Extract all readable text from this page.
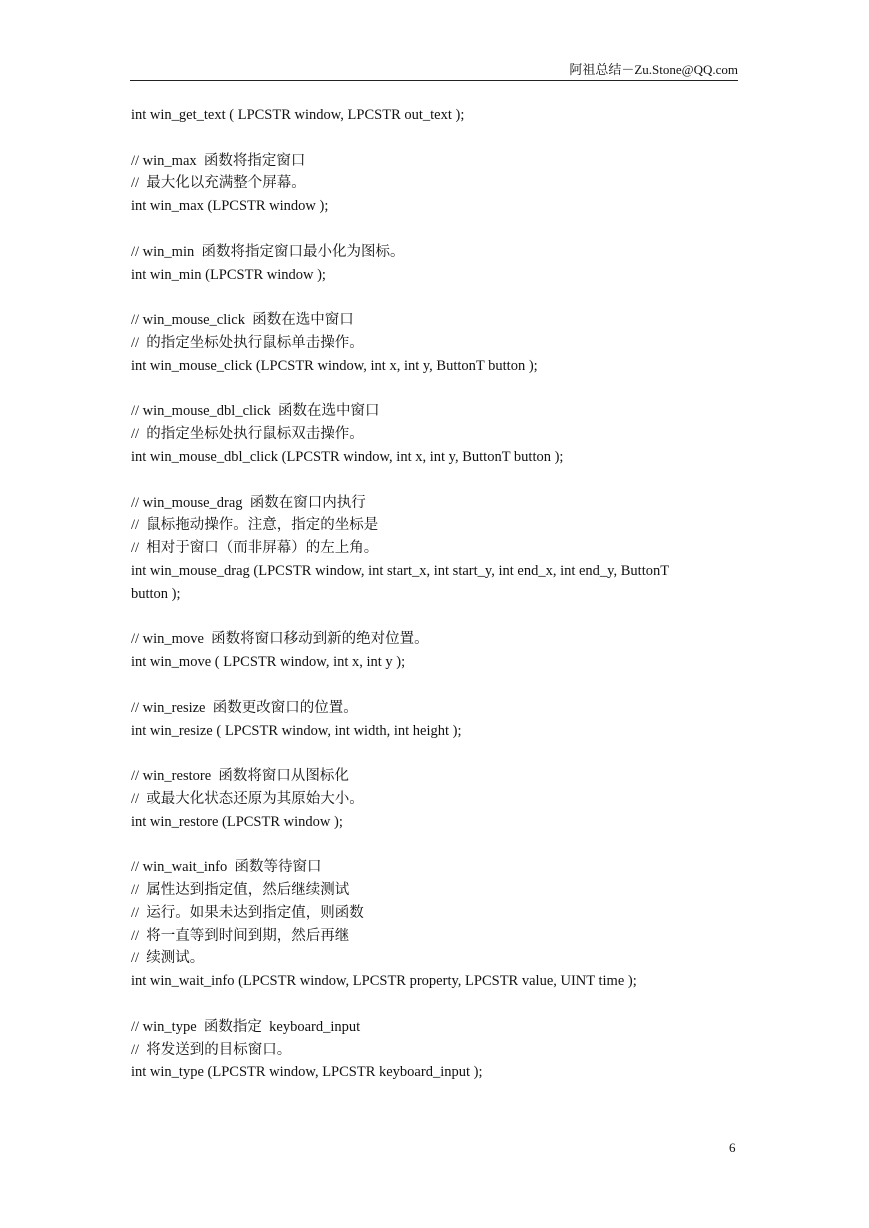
阿祖总结－Zu.Stone@QQ.com
int win_get_text ( LPCSTR window, LPCSTR out_text );
// win_max  函数将指定窗口
//  最大化以充满整个屏幕。
int win_max (LPCSTR window );
// win_min  函数将指定窗口最小化为图标。
int win_min (LPCSTR window );
// win_mouse_click  函数在选中窗口
//  的指定坐标处执行鼠标单击操作。
int win_mouse_click (LPCSTR window, int x, int y, ButtonT button );
// win_mouse_dbl_click  函数在选中窗口
//  的指定坐标处执行鼠标双击操作。
int win_mouse_dbl_click (LPCSTR window, int x, int y, ButtonT button );
// win_mouse_drag  函数在窗口内执行
//  鼠标拖动操作。注意，指定的坐标是
//  相对于窗口（而非屏幕）的左上角。
int win_mouse_drag (LPCSTR window, int start_x, int start_y, int end_x, int end_y, ButtonT
button );
// win_move  函数将窗口移动到新的绝对位置。
int win_move ( LPCSTR window, int x, int y );
// win_resize  函数更改窗口的位置。
int win_resize ( LPCSTR window, int width, int height );
// win_restore  函数将窗口从图标化
//  或最大化状态还原为其原始大小。
int win_restore (LPCSTR window );
// win_wait_info  函数等待窗口
//  属性达到指定值，然后继续测试
//  运行。如果未达到指定值，则函数
//  将一直等到时间到期，然后再继
//  续测试。
int win_wait_info (LPCSTR window, LPCSTR property, LPCSTR value, UINT time );
// win_type  函数指定  keyboard_input
//  将发送到的目标窗口。
int win_type (LPCSTR window, LPCSTR keyboard_input );
6
